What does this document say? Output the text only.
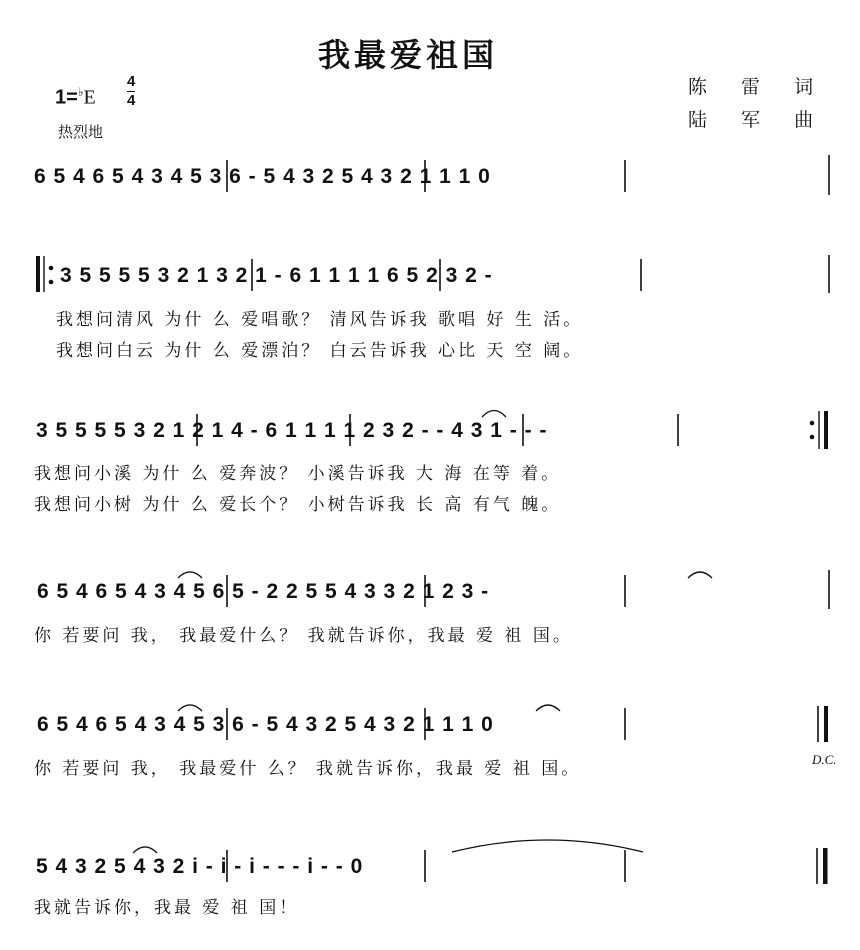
我最爱祖国
1=♭E
4
4
热烈地
陈 雷 词
陆 军 曲
6 5 4 6 5 4 3 4 5 3 6 - 5 4 3 2 5 4 3 2 1 1 1 0
3 5 5 5 5 3 2 1 3 2 1 - 6 1 1 1 1 6 5 2 3 2 -
我想问清风 为什 么 爱唱歌？ 清风告诉我 歌唱 好 生 活。
我想问白云 为什 么 爱漂泊？ 白云告诉我 心比 天 空 阔。
3 5 5 5 5 3 2 1 2 1 4 - 6 1 1 1 1 2 3 2 - - 4 3 1 - - -
我想问小溪 为什 么 爱奔波？ 小溪告诉我 大 海 在等 着。
我想问小树 为什 么 爱长个？ 小树告诉我 长 高 有气 魄。
6 5 4 6 5 4 3 4 5 6 5 - 2 2 5 5 4 3 3 2 1 2 3 -
你 若要问 我， 我最爱什么？ 我就告诉你，我最 爱 祖 国。
6 5 4 6 5 4 3 4 5 3 6 - 5 4 3 2 5 4 3 2 1 1 1 0
你 若要问 我， 我最爱什 么？ 我就告诉你，我最 爱 祖 国。	D.C.
5 4 3 2 5 4 3 2 i - i - i - - - i - - 0
我就告诉你，我最 爱 祖 国！
